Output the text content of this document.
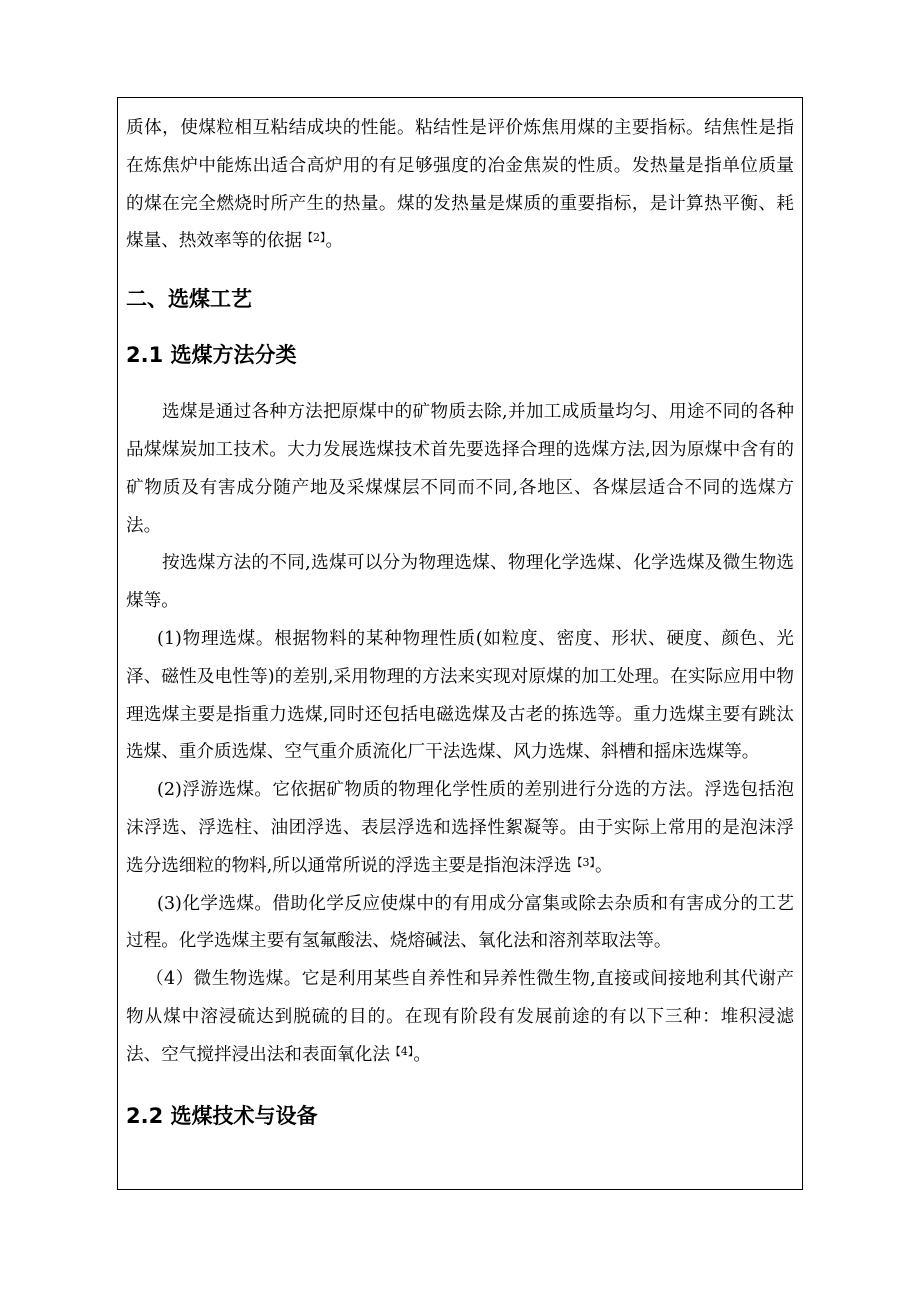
质体，使煤粒相互粘结成块的性能。粘结性是评价炼焦用煤的主要指标。结焦性是指在炼焦炉中能炼出适合高炉用的有足够强度的冶金焦炭的性质。发热量是指单位质量的煤在完全燃烧时所产生的热量。煤的发热量是煤质的重要指标，是计算热平衡、耗煤量、热效率等的依据$^{【2】}$。

二、选煤工艺
2.1 选煤方法分类

选煤是通过各种方法把原煤中的矿物质去除,并加工成质量均匀、用途不同的各种品煤煤炭加工技术。大力发展选煤技术首先要选择合理的选煤方法,因为原煤中含有的矿物质及有害成分随产地及采煤煤层不同而不同,各地区、各煤层适合不同的选煤方法。

按选煤方法的不同,选煤可以分为物理选煤、物理化学选煤、化学选煤及微生物选煤等。

(1)物理选煤。根据物料的某种物理性质(如粒度、密度、形状、硬度、颜色、光泽、磁性及电性等)的差别,采用物理的方法来实现对原煤的加工处理。在实际应用中物理选煤主要是指重力选煤,同时还包括电磁选煤及古老的拣选等。重力选煤主要有跳汰选煤、重介质选煤、空气重介质流化厂干法选煤、风力选煤、斜槽和摇床选煤等。

(2)浮游选煤。它依据矿物质的物理化学性质的差别进行分选的方法。浮选包括泡沫浮选、浮选柱、油团浮选、表层浮选和选择性絮凝等。由于实际上常用的是泡沫浮选分选细粒的物料,所以通常所说的浮选主要是指泡沫浮选$^{【3】}$。

(3)化学选煤。借助化学反应使煤中的有用成分富集或除去杂质和有害成分的工艺过程。化学选煤主要有氢氟酸法、烧熔碱法、氧化法和溶剂萃取法等。

（4）微生物选煤。它是利用某些自养性和异养性微生物,直接或间接地利其代谢产物从煤中溶浸硫达到脱硫的目的。在现有阶段有发展前途的有以下三种：堆积浸滤法、空气搅拌浸出法和表面氧化法$^{【4】}$。

2.2 选煤技术与设备
